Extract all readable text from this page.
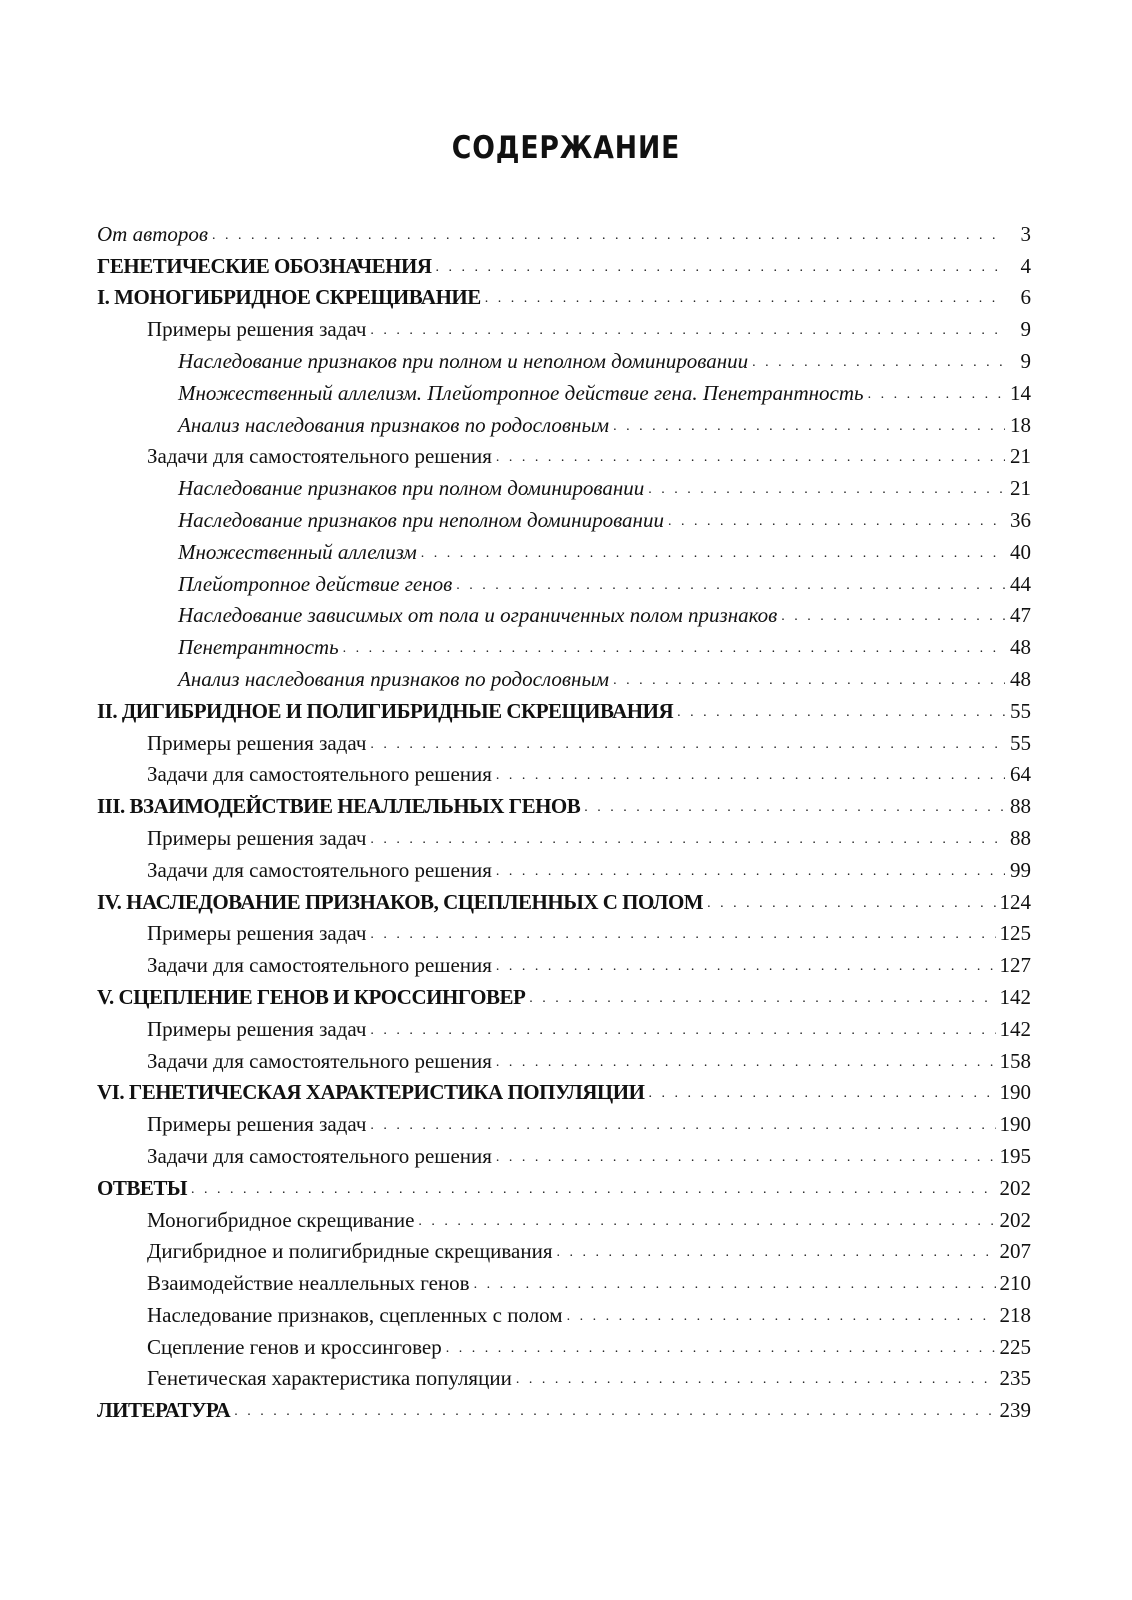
СОДЕРЖАНИЕ
От авторов . . .	3
ГЕНЕТИЧЕСКИЕ ОБОЗНАЧЕНИЯ . . .	4
I. МОНОГИБРИДНОЕ СКРЕЩИВАНИЕ . . .	6
Примеры решения задач . . .	9
Наследование признаков при полном и неполном доминировании . . .	9
Множественный аллелизм. Плейотропное действие гена. Пенетрантность . . .	14
Анализ наследования признаков по родословным . . .	18
Задачи для самостоятельного решения . . .	21
Наследование признаков при полном доминировании . . .	21
Наследование признаков при неполном доминировании . . .	36
Множественный аллелизм . . .	40
Плейотропное действие генов . . .	44
Наследование зависимых от пола и ограниченных полом признаков . . .	47
Пенетрантность . . .	48
Анализ наследования признаков по родословным . . .	48
II. ДИГИБРИДНОЕ И ПОЛИГИБРИДНЫЕ СКРЕЩИВАНИЯ . . .	55
Примеры решения задач . . .	55
Задачи для самостоятельного решения . . .	64
III. ВЗАИМОДЕЙСТВИЕ НЕАЛЛЕЛЬНЫХ ГЕНОВ . . .	88
Примеры решения задач . . .	88
Задачи для самостоятельного решения . . .	99
IV. НАСЛЕДОВАНИЕ ПРИЗНАКОВ, СЦЕПЛЕННЫХ С ПОЛОМ . . .	124
Примеры решения задач . . .	125
Задачи для самостоятельного решения . . .	127
V. СЦЕПЛЕНИЕ ГЕНОВ И КРОССИНГОВЕР . . .	142
Примеры решения задач . . .	142
Задачи для самостоятельного решения . . .	158
VI. ГЕНЕТИЧЕСКАЯ ХАРАКТЕРИСТИКА ПОПУЛЯЦИИ . . .	190
Примеры решения задач . . .	190
Задачи для самостоятельного решения . . .	195
ОТВЕТЫ . . .	202
Моногибридное скрещивание . . .	202
Дигибридное и полигибридные скрещивания . . .	207
Взаимодействие неаллельных генов . . .	210
Наследование признаков, сцепленных с полом . . .	218
Сцепление генов и кроссинговер . . .	225
Генетическая характеристика популяции . . .	235
ЛИТЕРАТУРА . . .	239
